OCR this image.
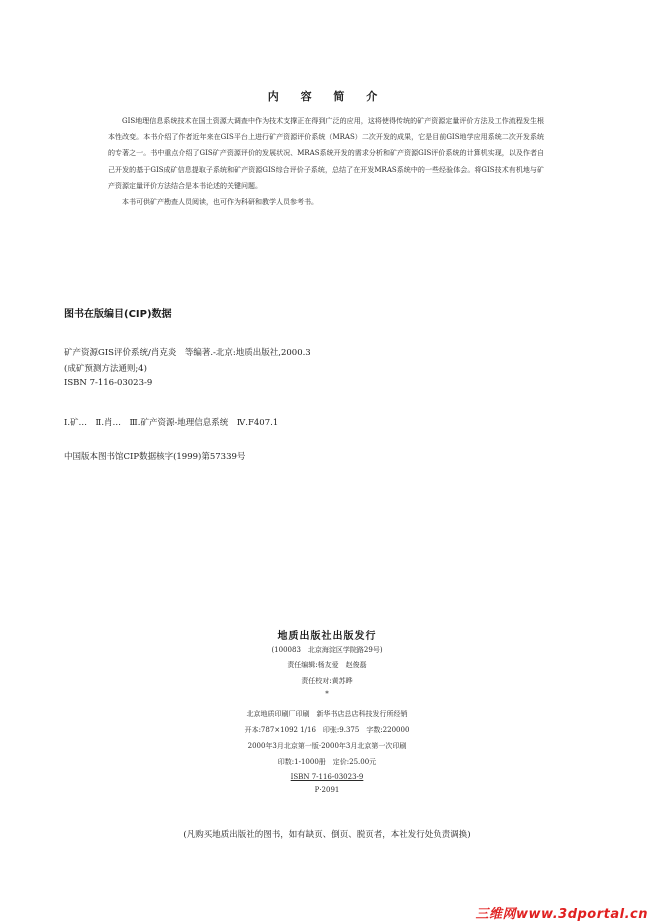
内 容 简 介

GIS地理信息系统技术在国土资源大调查中作为技术支撑正在得到广泛的应用，这将使得传统的矿产资源定量评价方法及工作流程发生根本性改变。本书介绍了作者近年来在GIS平台上进行矿产资源评价系统（MRAS）二次开发的成果，它是目前GIS地学应用系统二次开发系统的专著之一。书中重点介绍了GIS矿产资源评价的发展状况、MRAS系统开发的需求分析和矿产资源GIS评价系统的计算机实现，以及作者自己开发的基于GIS成矿信息提取子系统和矿产资源GIS综合评价子系统，总结了在开发MRAS系统中的一些经验体会。将GIS技术有机地与矿产资源定量评价方法结合是本书论述的关键问题。

本书可供矿产勘查人员阅读，也可作为科研和教学人员参考书。

图书在版编目(CIP)数据
矿产资源GIS评价系统/肖克炎　等编著.-北京:地质出版社,2000.3
(成矿预测方法通则;4)
ISBN 7-116-03023-9
Ⅰ.矿…　Ⅱ.肖…　Ⅲ.矿产资源-地理信息系统　Ⅳ.F407.1
中国版本图书馆CIP数据核字(1999)第57339号
地质出版社出版发行
(100083　北京海淀区学院路29号)
责任编辑:杨友爱　赵俊磊
责任校对:黄苏晔
*
北京地质印刷厂印刷　新华书店总店科技发行所经销
开本:787×1092 1/16　印张:9.375　字数:220000
2000年3月北京第一版·2000年3月北京第一次印刷
印数:1-1000册　定价:25.00元
ISBN 7-116-03023-9
P·2091
(凡购买地质出版社的图书，如有缺页、倒页、脱页者，本社发行处负责调换)
三维网www.3dportal.cn
